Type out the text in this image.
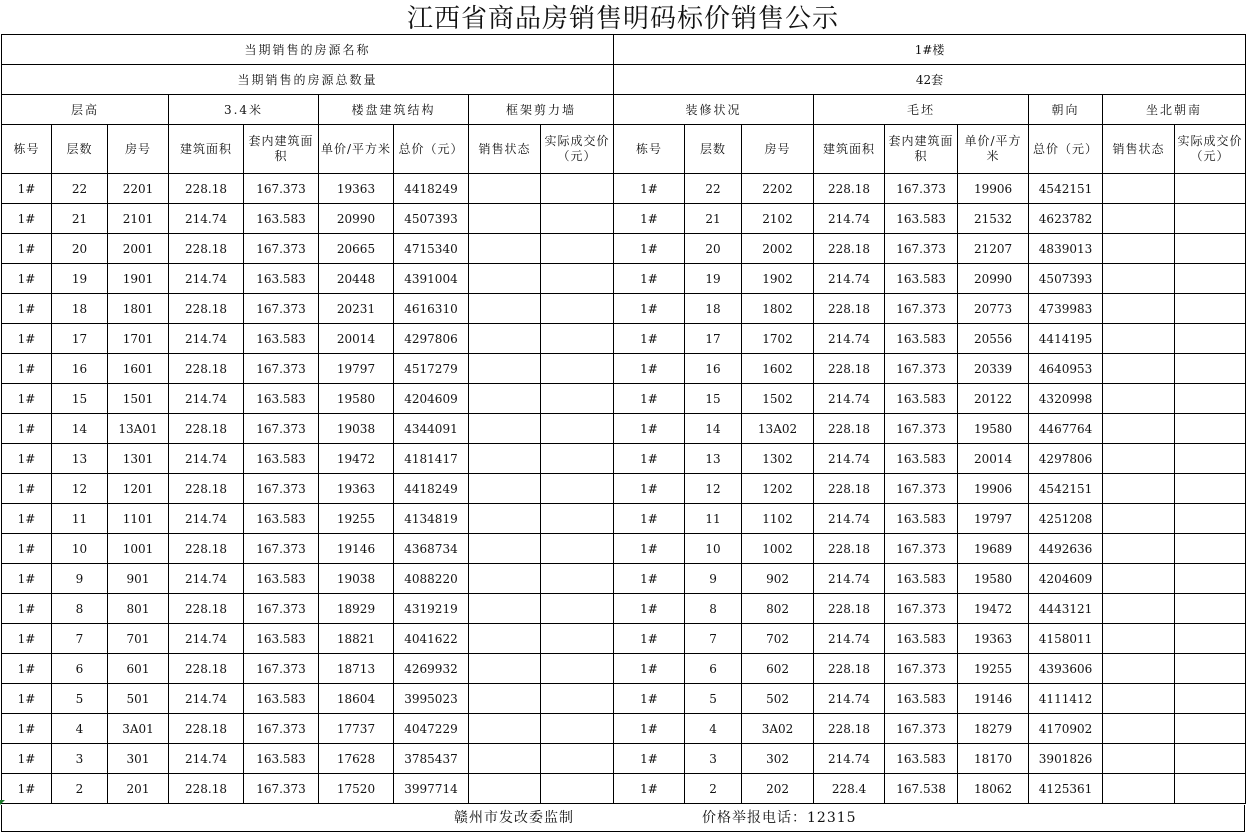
江西省商品房销售明码标价销售公示
当期销售的房源名称									1#楼								
当期销售的房源总数量									42套								
层高			3.4米		楼盘建筑结构		框架剪力墙		装修状况			毛坯			朝向	坐北朝南	
栋号	层数	房号	建筑面积	套内建筑面积	单价/平方米	总价（元）	销售状态	实际成交价（元）	栋号	层数	房号	建筑面积	套内建筑面积	单价/平方米	总价（元）	销售状态	实际成交价（元）
1#	22	2201	228.18	167.373	19363	4418249			1#	22	2202	228.18	167.373	19906	4542151		
1#	21	2101	214.74	163.583	20990	4507393			1#	21	2102	214.74	163.583	21532	4623782		
1#	20	2001	228.18	167.373	20665	4715340			1#	20	2002	228.18	167.373	21207	4839013		
1#	19	1901	214.74	163.583	20448	4391004			1#	19	1902	214.74	163.583	20990	4507393		
1#	18	1801	228.18	167.373	20231	4616310			1#	18	1802	228.18	167.373	20773	4739983		
1#	17	1701	214.74	163.583	20014	4297806			1#	17	1702	214.74	163.583	20556	4414195		
1#	16	1601	228.18	167.373	19797	4517279			1#	16	1602	228.18	167.373	20339	4640953		
1#	15	1501	214.74	163.583	19580	4204609			1#	15	1502	214.74	163.583	20122	4320998		
1#	14	13A01	228.18	167.373	19038	4344091			1#	14	13A02	228.18	167.373	19580	4467764		
1#	13	1301	214.74	163.583	19472	4181417			1#	13	1302	214.74	163.583	20014	4297806		
1#	12	1201	228.18	167.373	19363	4418249			1#	12	1202	228.18	167.373	19906	4542151		
1#	11	1101	214.74	163.583	19255	4134819			1#	11	1102	214.74	163.583	19797	4251208		
1#	10	1001	228.18	167.373	19146	4368734			1#	10	1002	228.18	167.373	19689	4492636		
1#	9	901	214.74	163.583	19038	4088220			1#	9	902	214.74	163.583	19580	4204609		
1#	8	801	228.18	167.373	18929	4319219			1#	8	802	228.18	167.373	19472	4443121		
1#	7	701	214.74	163.583	18821	4041622			1#	7	702	214.74	163.583	19363	4158011		
1#	6	601	228.18	167.373	18713	4269932			1#	6	602	228.18	167.373	19255	4393606		
1#	5	501	214.74	163.583	18604	3995023			1#	5	502	214.74	163.583	19146	4111412		
1#	4	3A01	228.18	167.373	17737	4047229			1#	4	3A02	228.18	167.373	18279	4170902		
1#	3	301	214.74	163.583	17628	3785437			1#	3	302	214.74	163.583	18170	3901826		
1#	2	201	228.18	167.373	17520	3997714			1#	2	202	228.4	167.538	18062	4125361		
赣州市发改委监制	价格举报电话：12315
